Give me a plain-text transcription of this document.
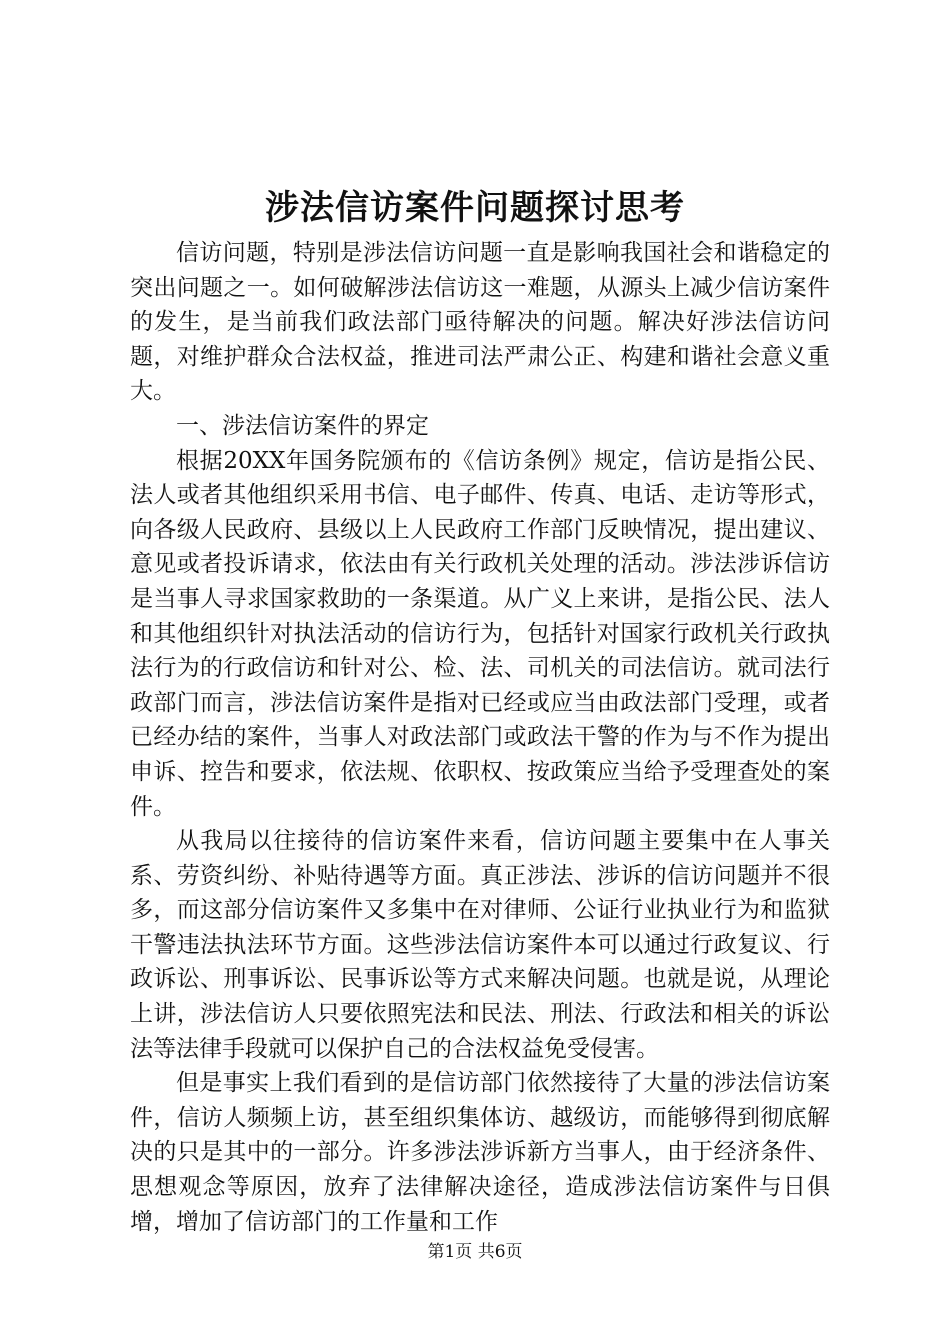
涉法信访案件问题探讨思考

信访问题，特别是涉法信访问题一直是影响我国社会和谐稳定的突出问题之一。如何破解涉法信访这一难题，从源头上减少信访案件的发生，是当前我们政法部门亟待解决的问题。解决好涉法信访问题，对维护群众合法权益，推进司法严肃公正、构建和谐社会意义重大。

一、涉法信访案件的界定

根据20XX年国务院颁布的《信访条例》规定，信访是指公民、法人或者其他组织采用书信、电子邮件、传真、电话、走访等形式，向各级人民政府、县级以上人民政府工作部门反映情况，提出建议、意见或者投诉请求，依法由有关行政机关处理的活动。涉法涉诉信访是当事人寻求国家救助的一条渠道。从广义上来讲，是指公民、法人和其他组织针对执法活动的信访行为，包括针对国家行政机关行政执法行为的行政信访和针对公、检、法、司机关的司法信访。就司法行政部门而言，涉法信访案件是指对已经或应当由政法部门受理，或者已经办结的案件，当事人对政法部门或政法干警的作为与不作为提出申诉、控告和要求，依法规、依职权、按政策应当给予受理查处的案件。

从我局以往接待的信访案件来看，信访问题主要集中在人事关系、劳资纠纷、补贴待遇等方面。真正涉法、涉诉的信访问题并不很多，而这部分信访案件又多集中在对律师、公证行业执业行为和监狱干警违法执法环节方面。这些涉法信访案件本可以通过行政复议、行政诉讼、刑事诉讼、民事诉讼等方式来解决问题。也就是说，从理论上讲，涉法信访人只要依照宪法和民法、刑法、行政法和相关的诉讼法等法律手段就可以保护自己的合法权益免受侵害。

但是事实上我们看到的是信访部门依然接待了大量的涉法信访案件，信访人频频上访，甚至组织集体访、越级访，而能够得到彻底解决的只是其中的一部分。许多涉法涉诉新方当事人，由于经济条件、思想观念等原因，放弃了法律解决途径，造成涉法信访案件与日俱增，增加了信访部门的工作量和工作

第1页 共6页
